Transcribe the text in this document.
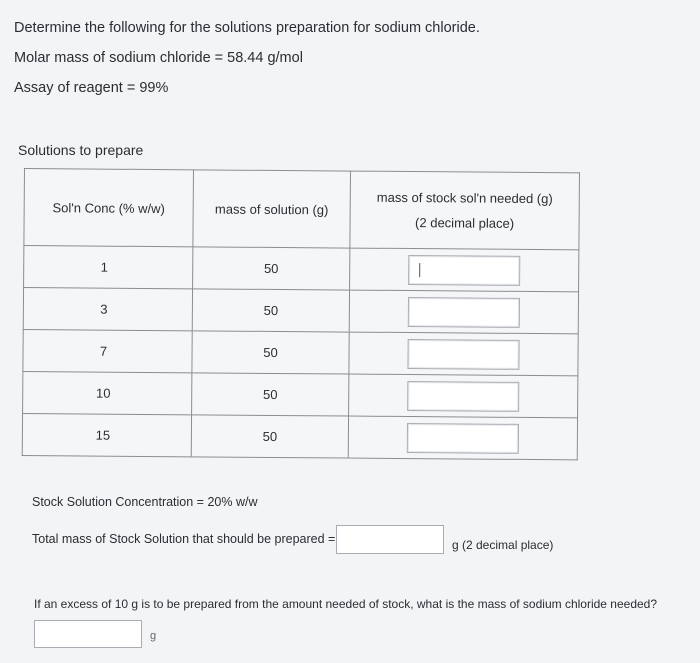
Determine the following for the solutions preparation for sodium chloride.
Molar mass of sodium chloride = 58.44 g/mol
Assay of reagent = 99%
Solutions to prepare
Sol'n Conc (% w/w)	mass of solution (g)	mass of stock sol'n needed (g)
(2 decimal place)

1	50	

3	50	

7	50	

10	50	

15	50	
Stock Solution Concentration = 20% w/w
Total mass of Stock Solution that should be prepared =	g (2 decimal place)
If an excess of 10 g is to be prepared from the amount needed of stock, what is the mass of sodium chloride needed?
g
